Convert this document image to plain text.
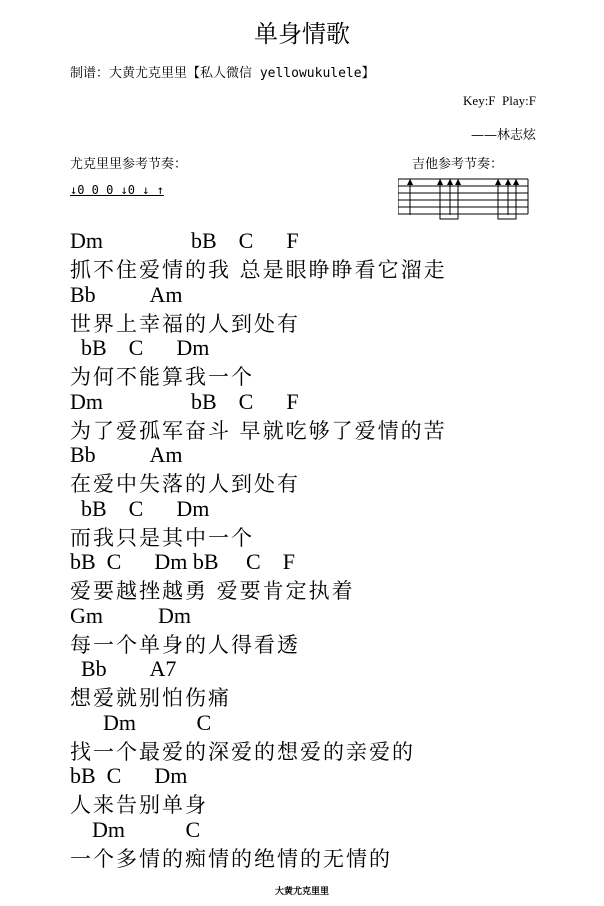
单身情歌
制谱：大黄尤克里里【私人微信 yellowukulele】
Key:F  Play:F
——林志炫
尤克里里参考节奏：	吉他参考节奏：
↓0 0 0 ↓0 ↓ ↑
▲	▲ ▲ ▲	▲ ▲ ▲
Dm                bB    C      F
抓不住爱情的我 总是眼睁睁看它溜走
Bb          Am
世界上幸福的人到处有
bB    C      Dm
为何不能算我一个
Dm                bB    C      F
为了爱孤军奋斗 早就吃够了爱情的苦
Bb          Am
在爱中失落的人到处有
bB    C      Dm
而我只是其中一个
bB  C      Dm bB     C    F
爱要越挫越勇 爱要肯定执着
Gm          Dm
每一个单身的人得看透
Bb        A7
想爱就别怕伤痛
Dm           C
找一个最爱的深爱的想爱的亲爱的
bB  C      Dm
人来告别单身
Dm           C
一个多情的痴情的绝情的无情的
大黄尤克里里
